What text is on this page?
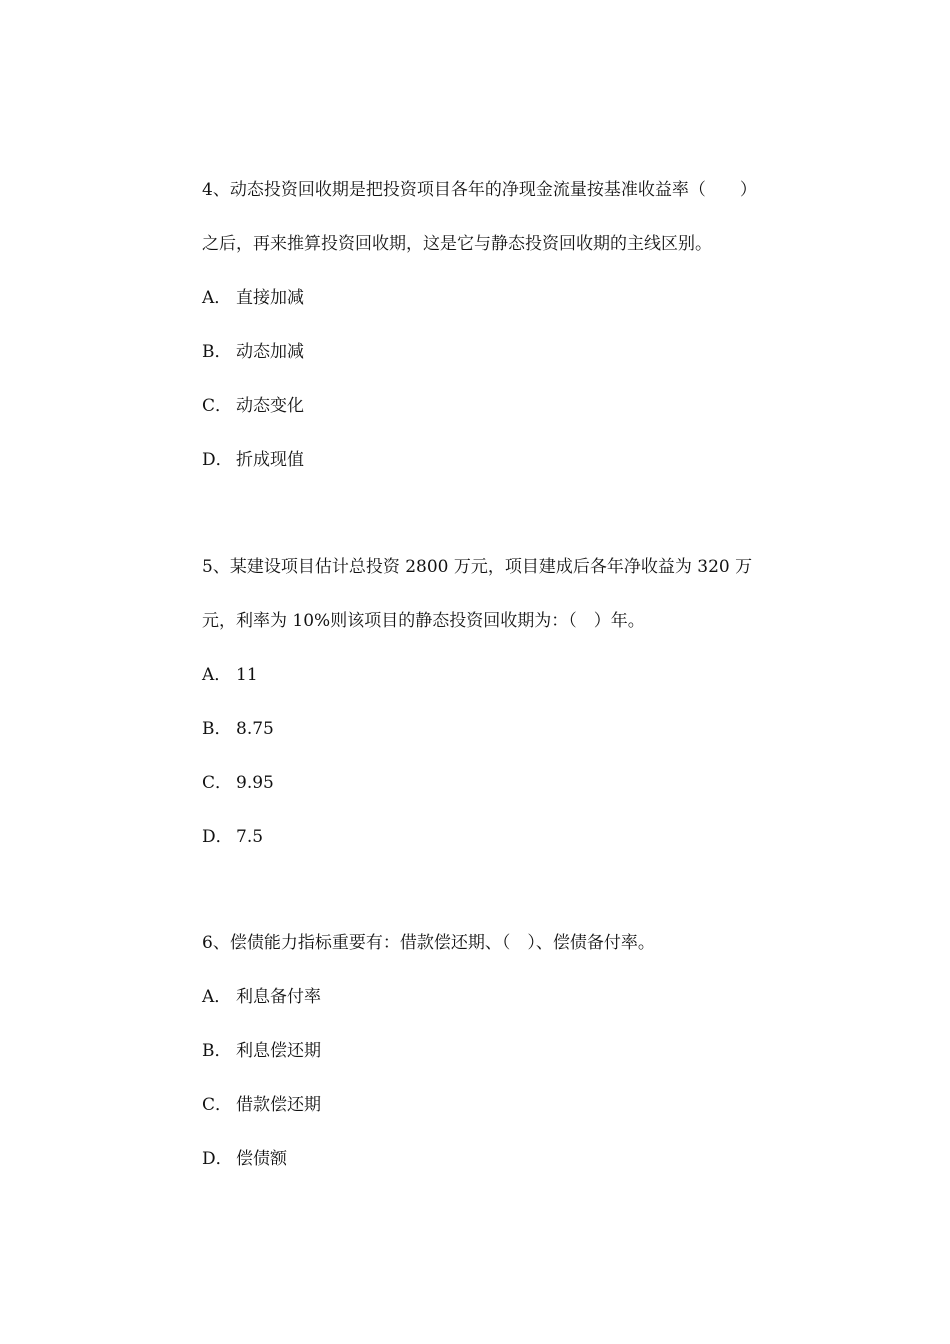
4、动态投资回收期是把投资项目各年的净现金流量按基准收益率（　　）
之后，再来推算投资回收期，这是它与静态投资回收期的主线区别。
A． 直接加减
B． 动态加减
C． 动态变化
D． 折成现值
5、某建设项目估计总投资 2800 万元，项目建成后各年净收益为 320 万
元，利率为 10%则该项目的静态投资回收期为：（　）年。
A． 11
B． 8.75
C． 9.95
D． 7.5
6、偿债能力指标重要有：借款偿还期、（　）、偿债备付率。
A． 利息备付率
B． 利息偿还期
C． 借款偿还期
D． 偿债额
